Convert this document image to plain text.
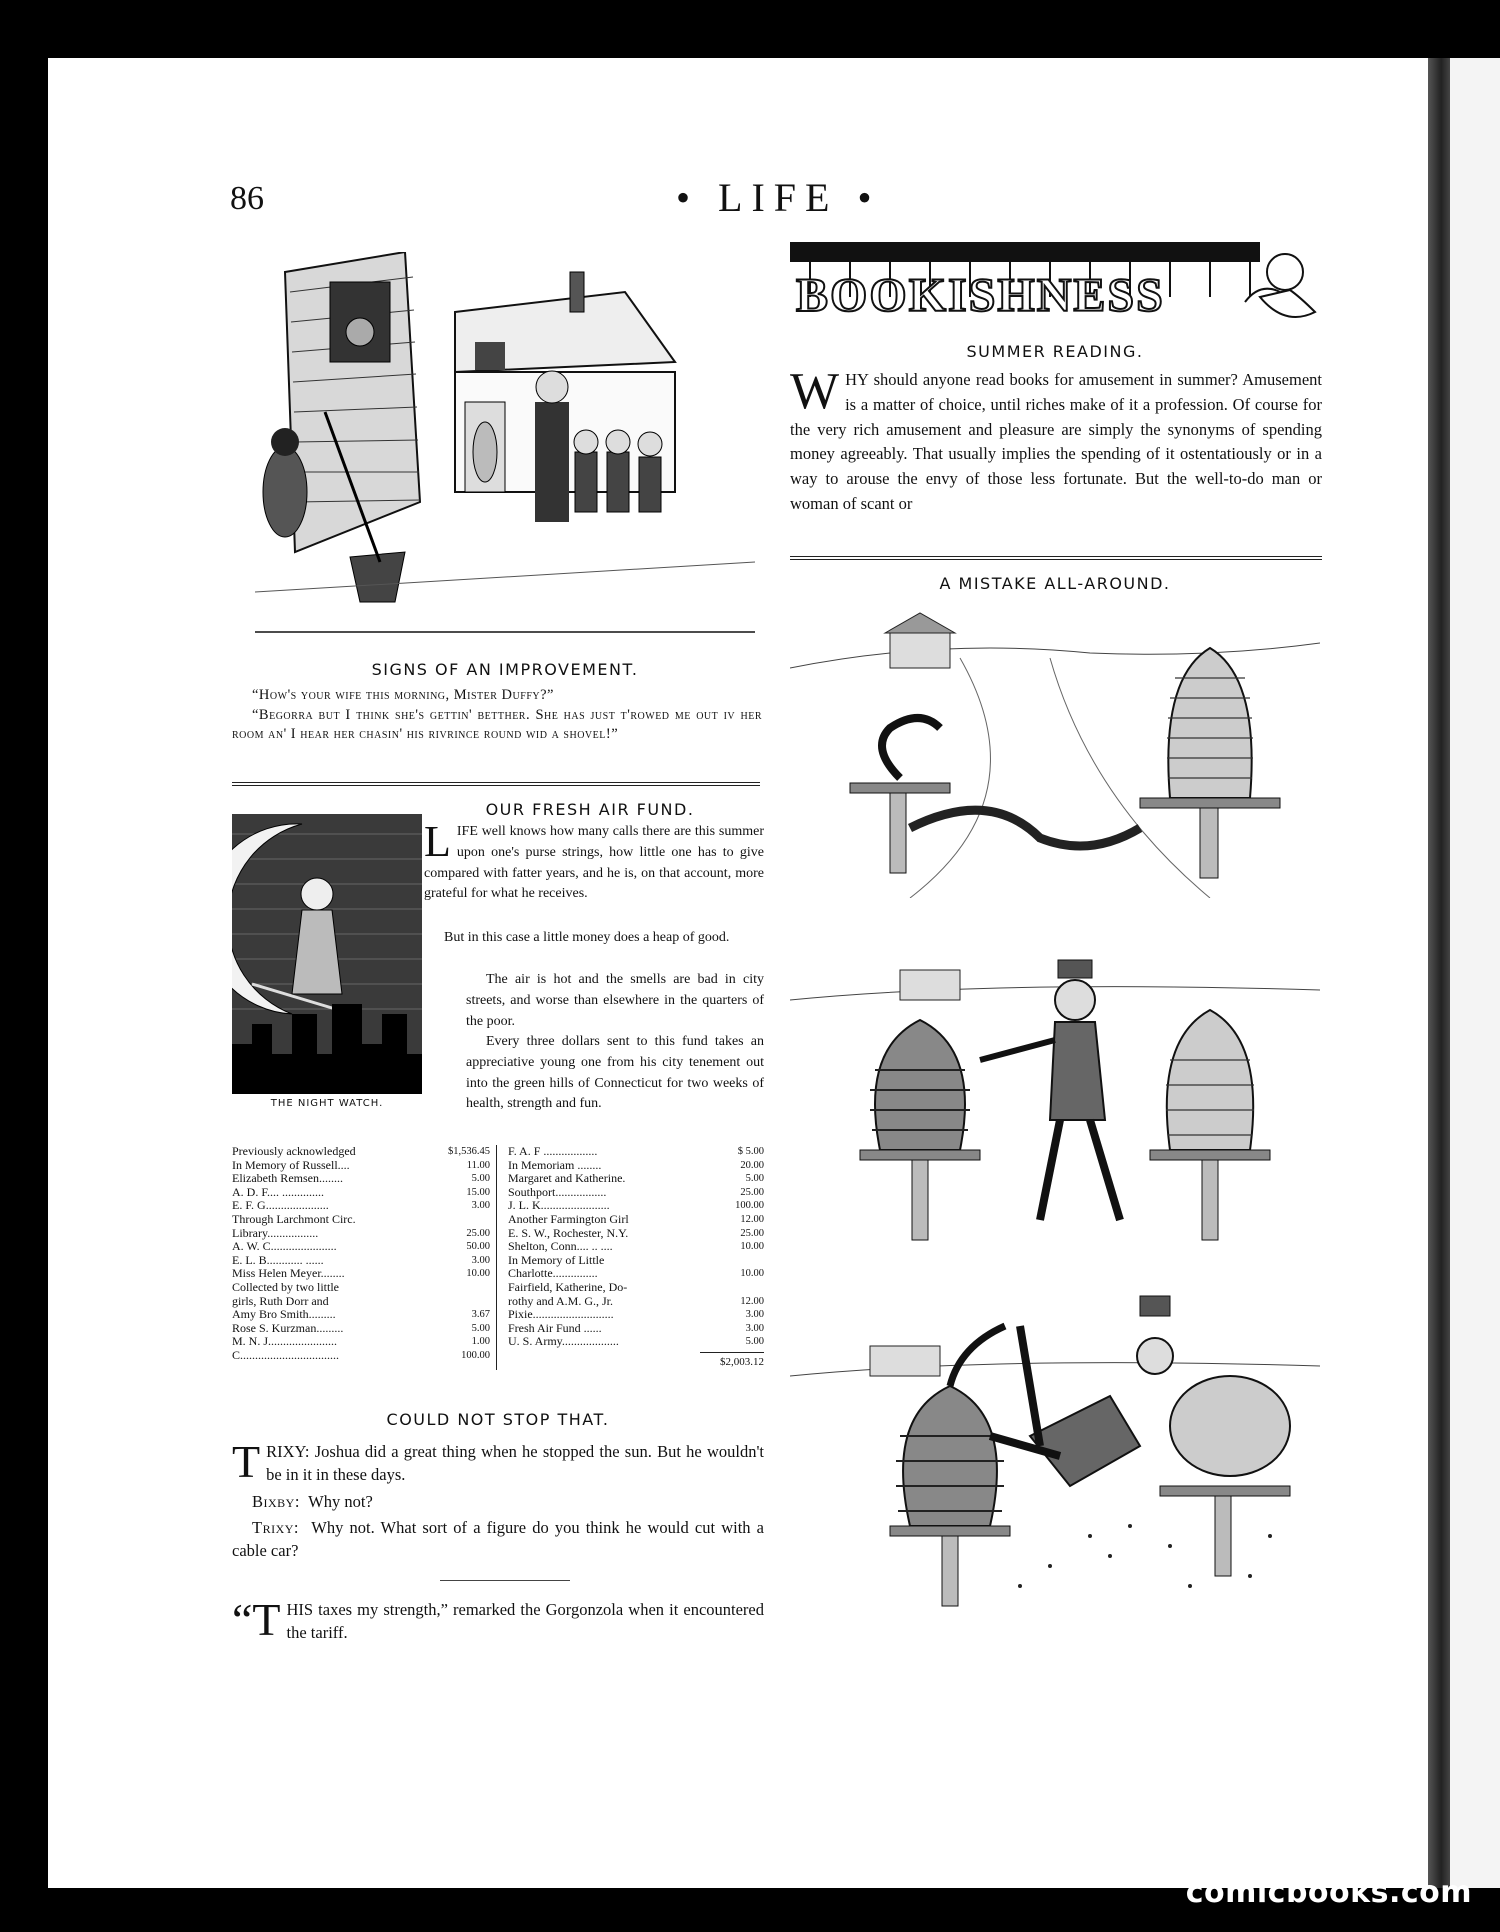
86	• LIFE •
SIGNS OF AN IMPROVEMENT.
“How's your wife this morning, Mister Duffy?”
“Begorra but I think she's gettin' betther. She has just t'rowed me out iv her room an' I hear her chasin' his rivrince round wid a shovel!”
OUR FRESH AIR FUND.
THE NIGHT WATCH.
L IFE well knows how many calls there are this summer upon one's purse strings, how little one has to give compared with fatter years, and he is, on that account, more grateful for what he receives.
But in this case a little money does a heap of good.
The air is hot and the smells are bad in city streets, and worse than elsewhere in the quarters of the poor.
Every three dollars sent to this fund takes an appreciative young one from his city tenement out into the green hills of Connecticut for two weeks of health, strength and fun.
Previously acknowledged	$1,536.45
In Memory of Russell....	11.00
Elizabeth Remsen........	5.00
A. D. F.... ..............	15.00
E. F. G.....................	3.00
Through Larchmont Circ.
Library.................	25.00
A. W. C......................	50.00
E. L. B............ ......	3.00
Miss Helen Meyer........	10.00
Collected by two little
girls, Ruth Dorr and
Amy Bro Smith.........	3.67
Rose S. Kurzman.........	5.00
M. N. J.......................	1.00
C.................................	100.00
F. A. F ..................	$ 5.00
In Memoriam ........	20.00
Margaret and Katherine.	5.00
Southport.................	25.00
J. L. K.......................	100.00
Another Farmington Girl	12.00
E. S. W., Rochester, N.Y.	25.00
Shelton, Conn.... .. ....	10.00
In Memory of Little
Charlotte...............	10.00
Fairfield, Katherine, Do-
rothy and A.M. G., Jr.	12.00
Pixie...........................	3.00
Fresh Air Fund ......	3.00
U. S. Army...................	5.00
$2,003.12
COULD NOT STOP THAT.
T RIXY: Joshua did a great thing when he stopped the sun. But he wouldn't be in it in these days.
Bixby: Why not?
Trixy: Why not. What sort of a figure do you think he would cut with a cable car?
“T HIS taxes my strength,” remarked the Gorgonzola when it encountered the tariff.
BOOKISHNESS
SUMMER READING.
W HY should anyone read books for amusement in summer? Amusement is a matter of choice, until riches make of it a profession. Of course for the very rich amusement and pleasure are simply the synonyms of spending money agreeably. That usually implies the spending of it ostentatiously or in a way to arouse the envy of those less fortunate. But the well-to-do man or woman of scant or
A MISTAKE ALL-AROUND.
comicbooks.com
